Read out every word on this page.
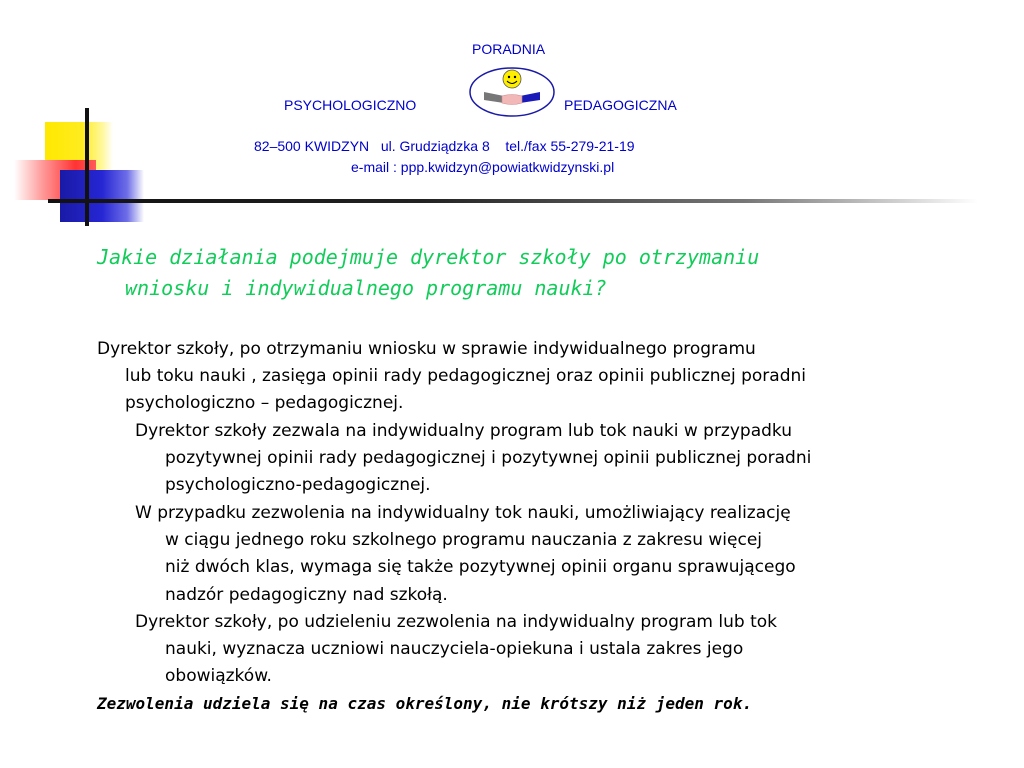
PORADNIA
PSYCHOLOGICZNO	PEDAGOGICZNA
82–500 KWIDZYN   ul. Grudziądzka 8    tel./fax 55-279-21-19
e-mail : ppp.kwidzyn@powiatkwidzynski.pl
Jakie działania podejmuje dyrektor szkoły po otrzymaniu
wniosku i indywidualnego programu nauki?
Dyrektor szkoły, po otrzymaniu wniosku w sprawie indywidualnego programu
lub toku nauki , zasięga opinii rady pedagogicznej oraz opinii publicznej poradni
psychologiczno – pedagogicznej.
Dyrektor szkoły zezwala na indywidualny program lub tok nauki w przypadku
pozytywnej opinii rady pedagogicznej i pozytywnej opinii publicznej poradni
psychologiczno-pedagogicznej.
W przypadku zezwolenia na indywidualny tok nauki, umożliwiający realizację
w ciągu jednego roku szkolnego programu nauczania z zakresu więcej
niż dwóch klas, wymaga się także pozytywnej opinii organu sprawującego
nadzór pedagogiczny nad szkołą.
Dyrektor szkoły, po udzieleniu zezwolenia na indywidualny program lub tok
nauki, wyznacza uczniowi nauczyciela-opiekuna i ustala zakres jego
obowiązków.
Zezwolenia udziela się na czas określony, nie krótszy niż jeden rok.
